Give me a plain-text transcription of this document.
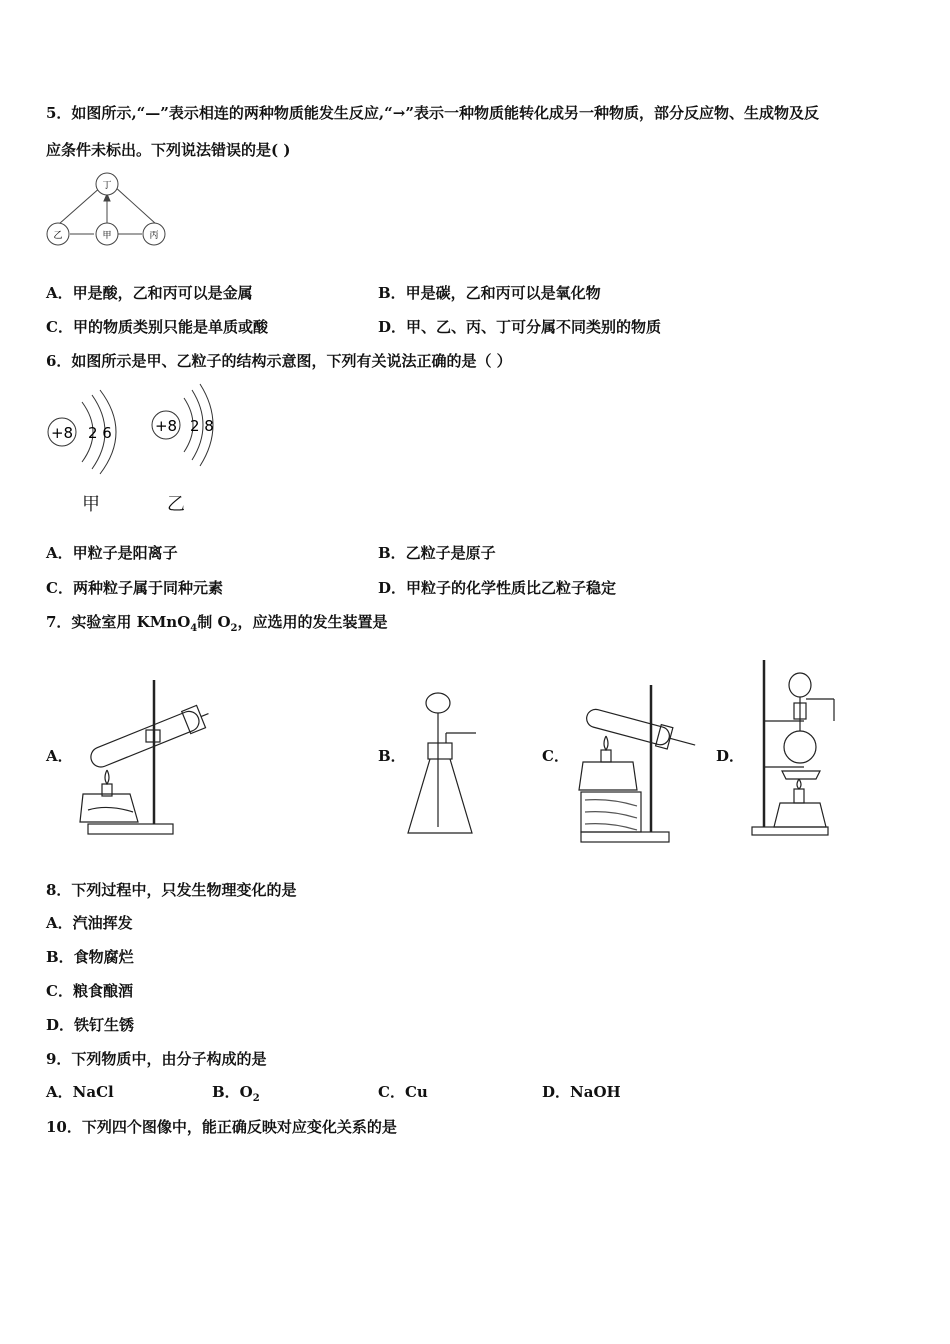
5．如图所示,“—”表示相连的两种物质能发生反应,“→”表示一种物质能转化成另一种物质，部分反应物、生成物及反
应条件未标出。下列说法错误的是( )
丁
乙	甲	丙
A．甲是酸，乙和丙可以是金属	B．甲是碳，乙和丙可以是氧化物
C．甲的物质类别只能是单质或酸	D．甲、乙、丙、丁可分属不同类别的物质
6．如图所示是甲、乙粒子的结构示意图，下列有关说法正确的是（ ）
+8 2 6	+8 2 8
甲	乙
A．甲粒子是阳离子	B．乙粒子是原子
C．两种粒子属于同种元素	D．甲粒子的化学性质比乙粒子稳定
7．实验室用 KMnO$_4$制 $O_2$，应选用的发生装置是
A．	B．	C．	D．
8．下列过程中，只发生物理变化的是
A．汽油挥发
B．食物腐烂
C．粮食酿酒
D．铁钉生锈
9．下列物质中，由分子构成的是
A．NaCl	B．$O_2$	C．Cu	D．NaOH
10．下列四个图像中，能正确反映对应变化关系的是
